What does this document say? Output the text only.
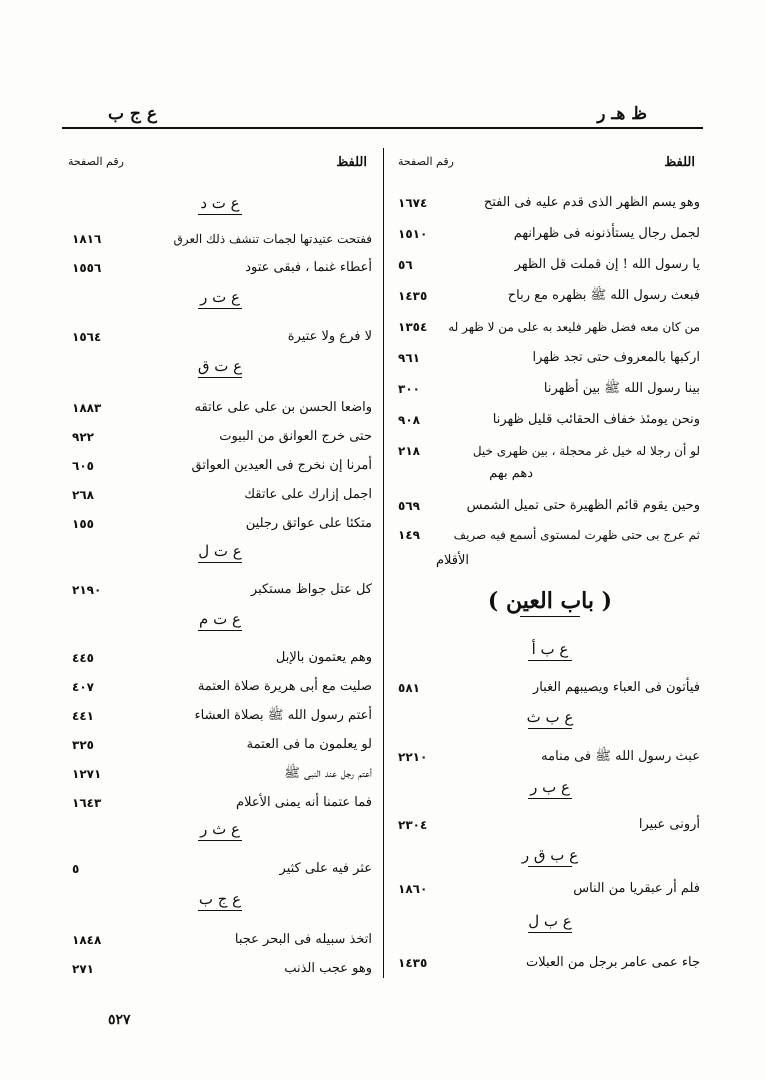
ظ هـ ر
ع ج ب
اللفظ
رقم الصفحة
اللفظ
رقم الصفحة
وهو يسم الظهر الذى قدم عليه فى الفتح
١٦٧٤
لجمل رجال يستأذنونه فى ظهرانهم
١٥١٠
يا رسول الله ! إن قملت قل الظهر
٥٦
فبعث رسول الله ﷺ بظهره مع رباح
١٤٣٥
من كان معه فضل ظهر فليعد به على من لا ظهر له
١٣٥٤
اركبها بالمعروف حتى تجد ظهرا
٩٦١
بينا رسول الله ﷺ بين أظهرنا
٣٠٠
ونحن يومئذ خفاف الحقائب قليل ظهرنا
٩٠٨
لو أن رجلا له خيل غر محجلة ، بين ظهرى خيل
٢١٨
دهم بهم
وحين يقوم قائم الظهيرة حتى تميل الشمس
٥٦٩
ثم عرج بى حتى ظهرت لمستوى أسمع فيه صريف
١٤٩
الأقلام
( باب العين )
ع ب أ
فيأتون فى العباء ويصيبهم الغبار
٥٨١
ع ب ث
عبث رسول الله ﷺ فى منامه
٢٢١٠
ع ب ر
أرونى عبيرا
٢٣٠٤
ع ب ق ر
فلم أر عبقريا من الناس
١٨٦٠
ع ب ل
جاء عمى عامر برجل من العبلات
١٤٣٥
ع ت د
ففتحت عتيدتها لجمات تنشف ذلك العرق
١٨١٦
أعطاء غنما ، فبقى عتود
١٥٥٦
ع ت ر
لا فرع ولا عتيرة
١٥٦٤
ع ت ق
واضعا الحسن بن على على عاتقه
١٨٨٣
حتى خرج العوانق من البيوت
٩٢٢
أمرنا إن نخرج فى العيدين العواتق
٦٠٥
اجمل إزارك على عاتقك
٢٦٨
متكئا على عواتق رجلين
١٥٥
ع ت ل
كل عتل جواظ مستكبر
٢١٩٠
ع ت م
وهم يعتمون بالإبل
٤٤٥
صليت مع أبى هريرة صلاة العتمة
٤٠٧
أعتم رسول الله ﷺ بصلاة العشاء
٤٤١
لو يعلمون ما فى العتمة
٣٢٥
أعتم رجل عند النبى ﷺ
١٢٧١
فما عتمنا أنه يمنى الأعلام
١٦٤٣
ع ث ر
عثر فيه على كثير
٥
ع ج ب
اتخذ سبيله فى البحر عجبا
١٨٤٨
وهو عجب الذنب
٢٧١
٥٢٧
